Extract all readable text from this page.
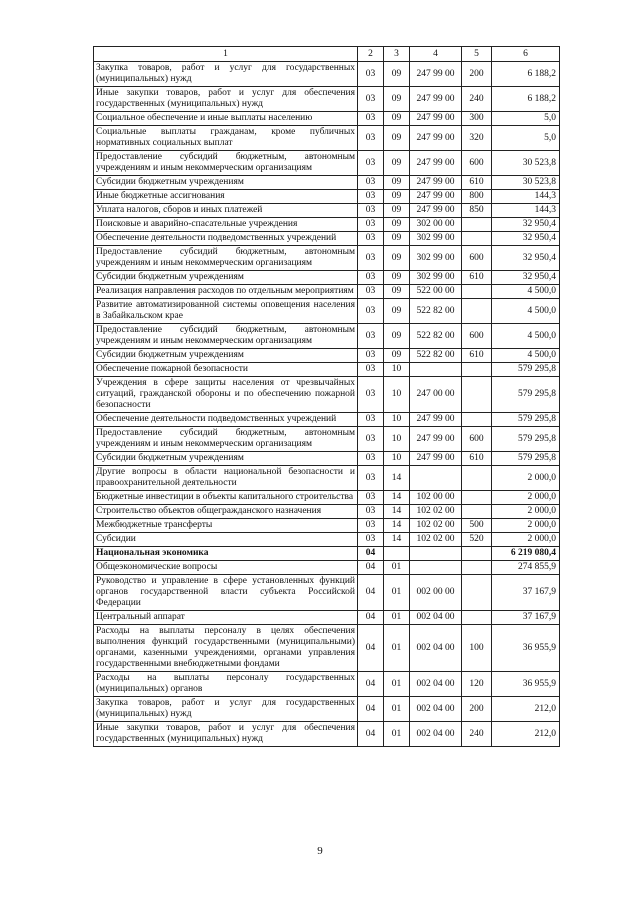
1	2	3	4	5	6
Закупка товаров, работ и услуг для государственных (муниципальных) нужд	03	09	247 99 00	200	6 188,2
Иные закупки товаров, работ и услуг для обеспечения государственных (муниципальных) нужд	03	09	247 99 00	240	6 188,2
Социальное обеспечение и иные выплаты населению	03	09	247 99 00	300	5,0
Социальные выплаты гражданам, кроме публичных нормативных социальных выплат	03	09	247 99 00	320	5,0
Предоставление субсидий бюджетным, автономным учреждениям и иным некоммерческим организациям	03	09	247 99 00	600	30 523,8
Субсидии бюджетным учреждениям	03	09	247 99 00	610	30 523,8
Иные бюджетные ассигнования	03	09	247 99 00	800	144,3
Уплата налогов, сборов и иных платежей	03	09	247 99 00	850	144,3
Поисковые и аварийно-спасательные учреждения	03	09	302 00 00		32 950,4
Обеспечение деятельности подведомственных учреждений	03	09	302 99 00		32 950,4
Предоставление субсидий бюджетным, автономным учреждениям и иным некоммерческим организациям	03	09	302 99 00	600	32 950,4
Субсидии бюджетным учреждениям	03	09	302 99 00	610	32 950,4
Реализация направления расходов по отдельным мероприятиям	03	09	522 00 00		4 500,0
Развитие автоматизированной системы оповещения населения в Забайкальском крае	03	09	522 82 00		4 500,0
Предоставление субсидий бюджетным, автономным учреждениям и иным некоммерческим организациям	03	09	522 82 00	600	4 500,0
Субсидии бюджетным учреждениям	03	09	522 82 00	610	4 500,0
Обеспечение пожарной безопасности	03	10			579 295,8
Учреждения в сфере защиты населения от чрезвычайных ситуаций, гражданской обороны и по обеспечению пожарной безопасности	03	10	247 00 00		579 295,8
Обеспечение деятельности подведомственных учреждений	03	10	247 99 00		579 295,8
Предоставление субсидий бюджетным, автономным учреждениям и иным некоммерческим организациям	03	10	247 99 00	600	579 295,8
Субсидии бюджетным учреждениям	03	10	247 99 00	610	579 295,8
Другие вопросы в области национальной безопасности и правоохранительной деятельности	03	14			2 000,0
Бюджетные инвестиции в объекты капитального строительства	03	14	102 00 00		2 000,0
Строительство объектов общегражданского назначения	03	14	102 02 00		2 000,0
Межбюджетные трансферты	03	14	102 02 00	500	2 000,0
Субсидии	03	14	102 02 00	520	2 000,0
Национальная экономика	04				6 219 080,4
Общеэкономические вопросы	04	01			274 855,9
Руководство и управление в сфере установленных функций органов государственной власти субъекта Российской Федерации	04	01	002 00 00		37 167,9
Центральный аппарат	04	01	002 04 00		37 167,9
Расходы на выплаты персоналу в целях обеспечения выполнения функций государственными (муниципальными) органами, казенными учреждениями, органами управления государственными внебюджетными фондами	04	01	002 04 00	100	36 955,9
Расходы на выплаты персоналу государственных (муниципальных) органов	04	01	002 04 00	120	36 955,9
Закупка товаров, работ и услуг для государственных (муниципальных) нужд	04	01	002 04 00	200	212,0
Иные закупки товаров, работ и услуг для обеспечения государственных (муниципальных) нужд	04	01	002 04 00	240	212,0
9
